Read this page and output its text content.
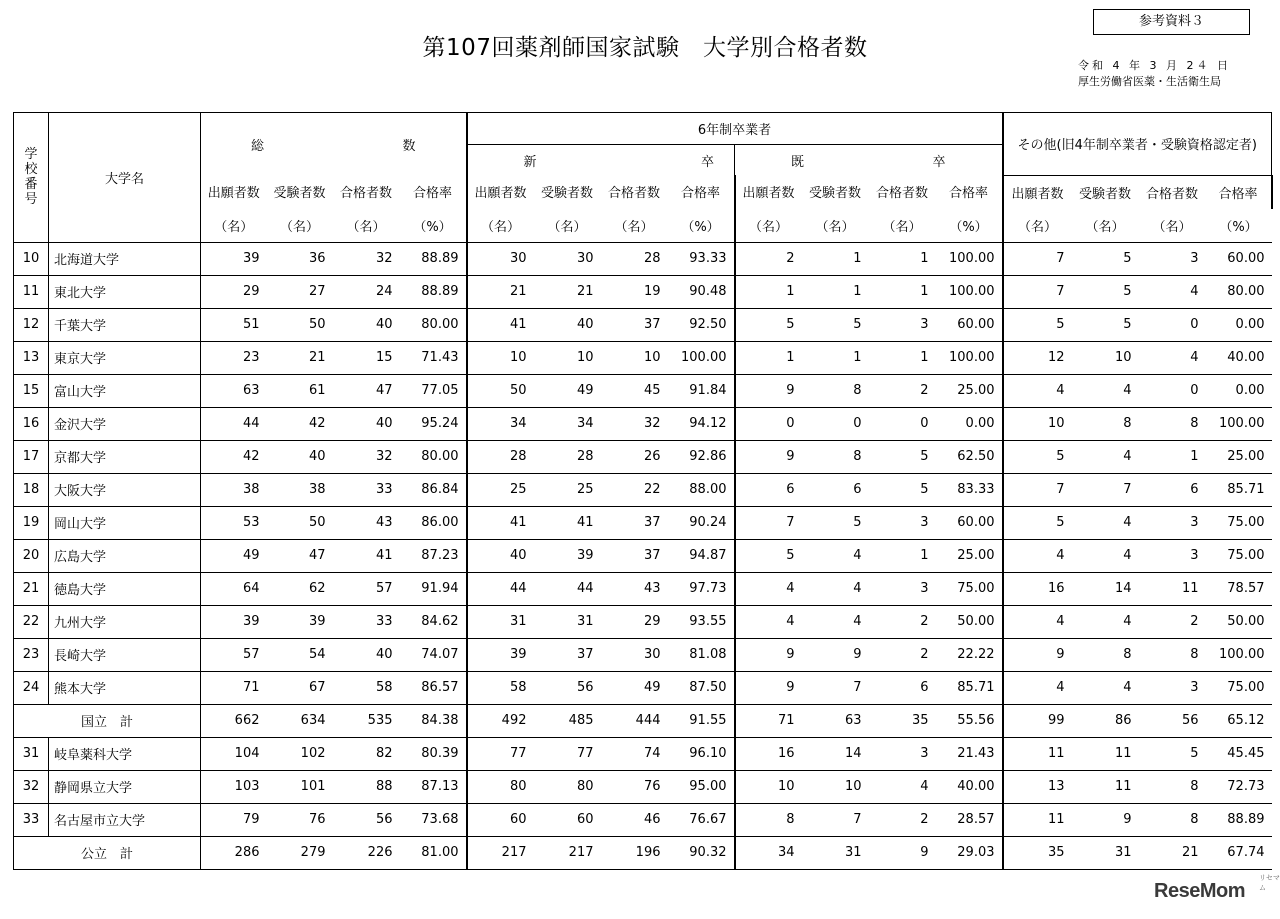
参考資料３
第107回薬剤師国家試験　大学別合格者数
令和 4 年 3 月 2４ 日
厚生労働省医薬・生活衛生局
学
校
番
号	大学名	総 数				6年制卒業者								その他(旧4年制卒業者・受験資格認定者)			

						新 卒				既 卒							

		出願者数	受験者数	合格者数	合格率	出願者数	受験者数	合格者数	合格率	出願者数	受験者数	合格者数	合格率	出願者数	受験者数	合格者数	合格率
		（名）	（名）	（名）	（%）	（名）	（名）	（名）	（%）	（名）	（名）	（名）	（%）	（名）	（名）	（名）	（%）
10	北海道大学	39	36	32	88.89	30	30	28	93.33	2	1	1	100.00	7	5	3	60.00
11	東北大学	29	27	24	88.89	21	21	19	90.48	1	1	1	100.00	7	5	4	80.00
12	千葉大学	51	50	40	80.00	41	40	37	92.50	5	5	3	60.00	5	5	0	0.00
13	東京大学	23	21	15	71.43	10	10	10	100.00	1	1	1	100.00	12	10	4	40.00
15	富山大学	63	61	47	77.05	50	49	45	91.84	9	8	2	25.00	4	4	0	0.00
16	金沢大学	44	42	40	95.24	34	34	32	94.12	0	0	0	0.00	10	8	8	100.00
17	京都大学	42	40	32	80.00	28	28	26	92.86	9	8	5	62.50	5	4	1	25.00
18	大阪大学	38	38	33	86.84	25	25	22	88.00	6	6	5	83.33	7	7	6	85.71
19	岡山大学	53	50	43	86.00	41	41	37	90.24	7	5	3	60.00	5	4	3	75.00
20	広島大学	49	47	41	87.23	40	39	37	94.87	5	4	1	25.00	4	4	3	75.00
21	徳島大学	64	62	57	91.94	44	44	43	97.73	4	4	3	75.00	16	14	11	78.57
22	九州大学	39	39	33	84.62	31	31	29	93.55	4	4	2	50.00	4	4	2	50.00
23	長崎大学	57	54	40	74.07	39	37	30	81.08	9	9	2	22.22	9	8	8	100.00
24	熊本大学	71	67	58	86.57	58	56	49	87.50	9	7	6	85.71	4	4	3	75.00
国立　計		662	634	535	84.38	492	485	444	91.55	71	63	35	55.56	99	86	56	65.12
31	岐阜薬科大学	104	102	82	80.39	77	77	74	96.10	16	14	3	21.43	11	11	5	45.45
32	静岡県立大学	103	101	88	87.13	80	80	76	95.00	10	10	4	40.00	13	11	8	72.73
33	名古屋市立大学	79	76	56	73.68	60	60	46	76.67	8	7	2	28.57	11	9	8	88.89
公立　計		286	279	226	81.00	217	217	196	90.32	34	31	9	29.03	35	31	21	67.74
ReseMom
リセマム
